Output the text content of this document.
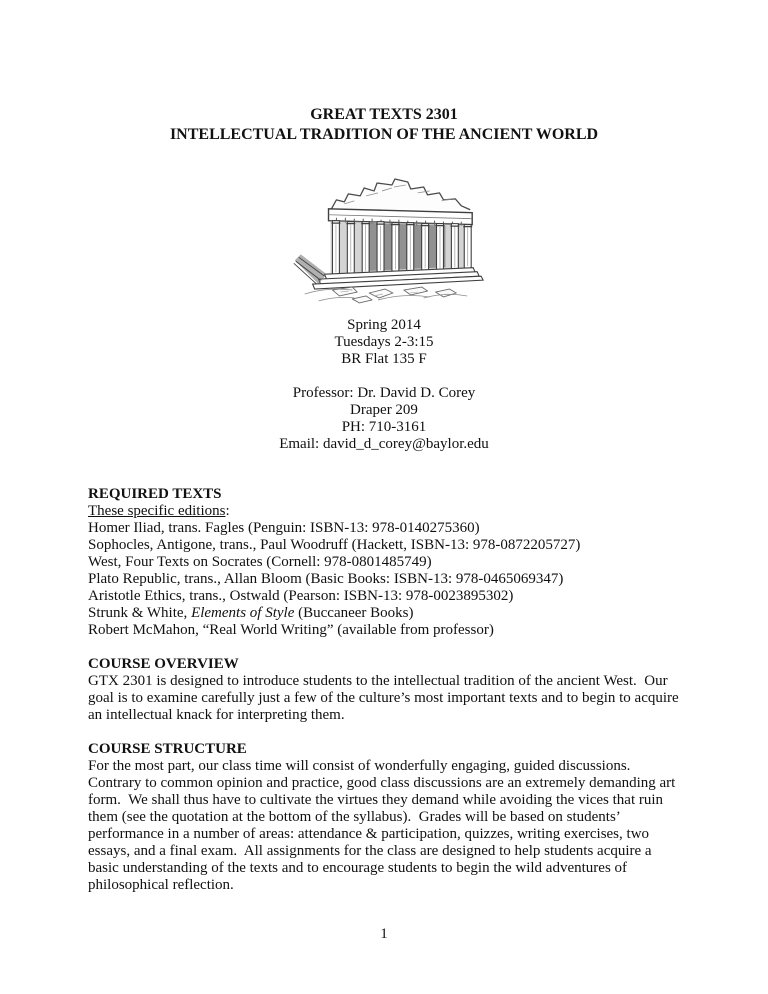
GREAT TEXTS 2301
INTELLECTUAL TRADITION OF THE ANCIENT WORLD
Spring 2014
Tuesdays 2-3:15
BR Flat 135 F
Professor: Dr. David D. Corey
Draper 209
PH: 710-3161
Email: david_d_corey@baylor.edu
REQUIRED TEXTS
These specific editions:
Homer Iliad, trans. Fagles (Penguin: ISBN-13: 978-0140275360)
Sophocles, Antigone, trans., Paul Woodruff (Hackett, ISBN-13: 978-0872205727)
West, Four Texts on Socrates (Cornell: 978-0801485749)
Plato Republic, trans., Allan Bloom (Basic Books: ISBN-13: 978-0465069347)
Aristotle Ethics, trans., Ostwald (Pearson: ISBN-13: 978-0023895302)
Strunk & White, Elements of Style (Buccaneer Books)
Robert McMahon, “Real World Writing” (available from professor)
COURSE OVERVIEW

GTX 2301 is designed to introduce students to the intellectual tradition of the ancient West.  Our goal is to examine carefully just a few of the culture’s most important texts and to begin to acquire an intellectual knack for interpreting them.

COURSE STRUCTURE

For the most part, our class time will consist of wonderfully engaging, guided discussions.  Contrary to common opinion and practice, good class discussions are an extremely demanding art form.  We shall thus have to cultivate the virtues they demand while avoiding the vices that ruin them (see the quotation at the bottom of the syllabus).  Grades will be based on students’ performance in a number of areas: attendance & participation, quizzes, writing exercises, two essays, and a final exam.  All assignments for the class are designed to help students acquire a basic understanding of the texts and to encourage students to begin the wild adventures of philosophical reflection.

1
